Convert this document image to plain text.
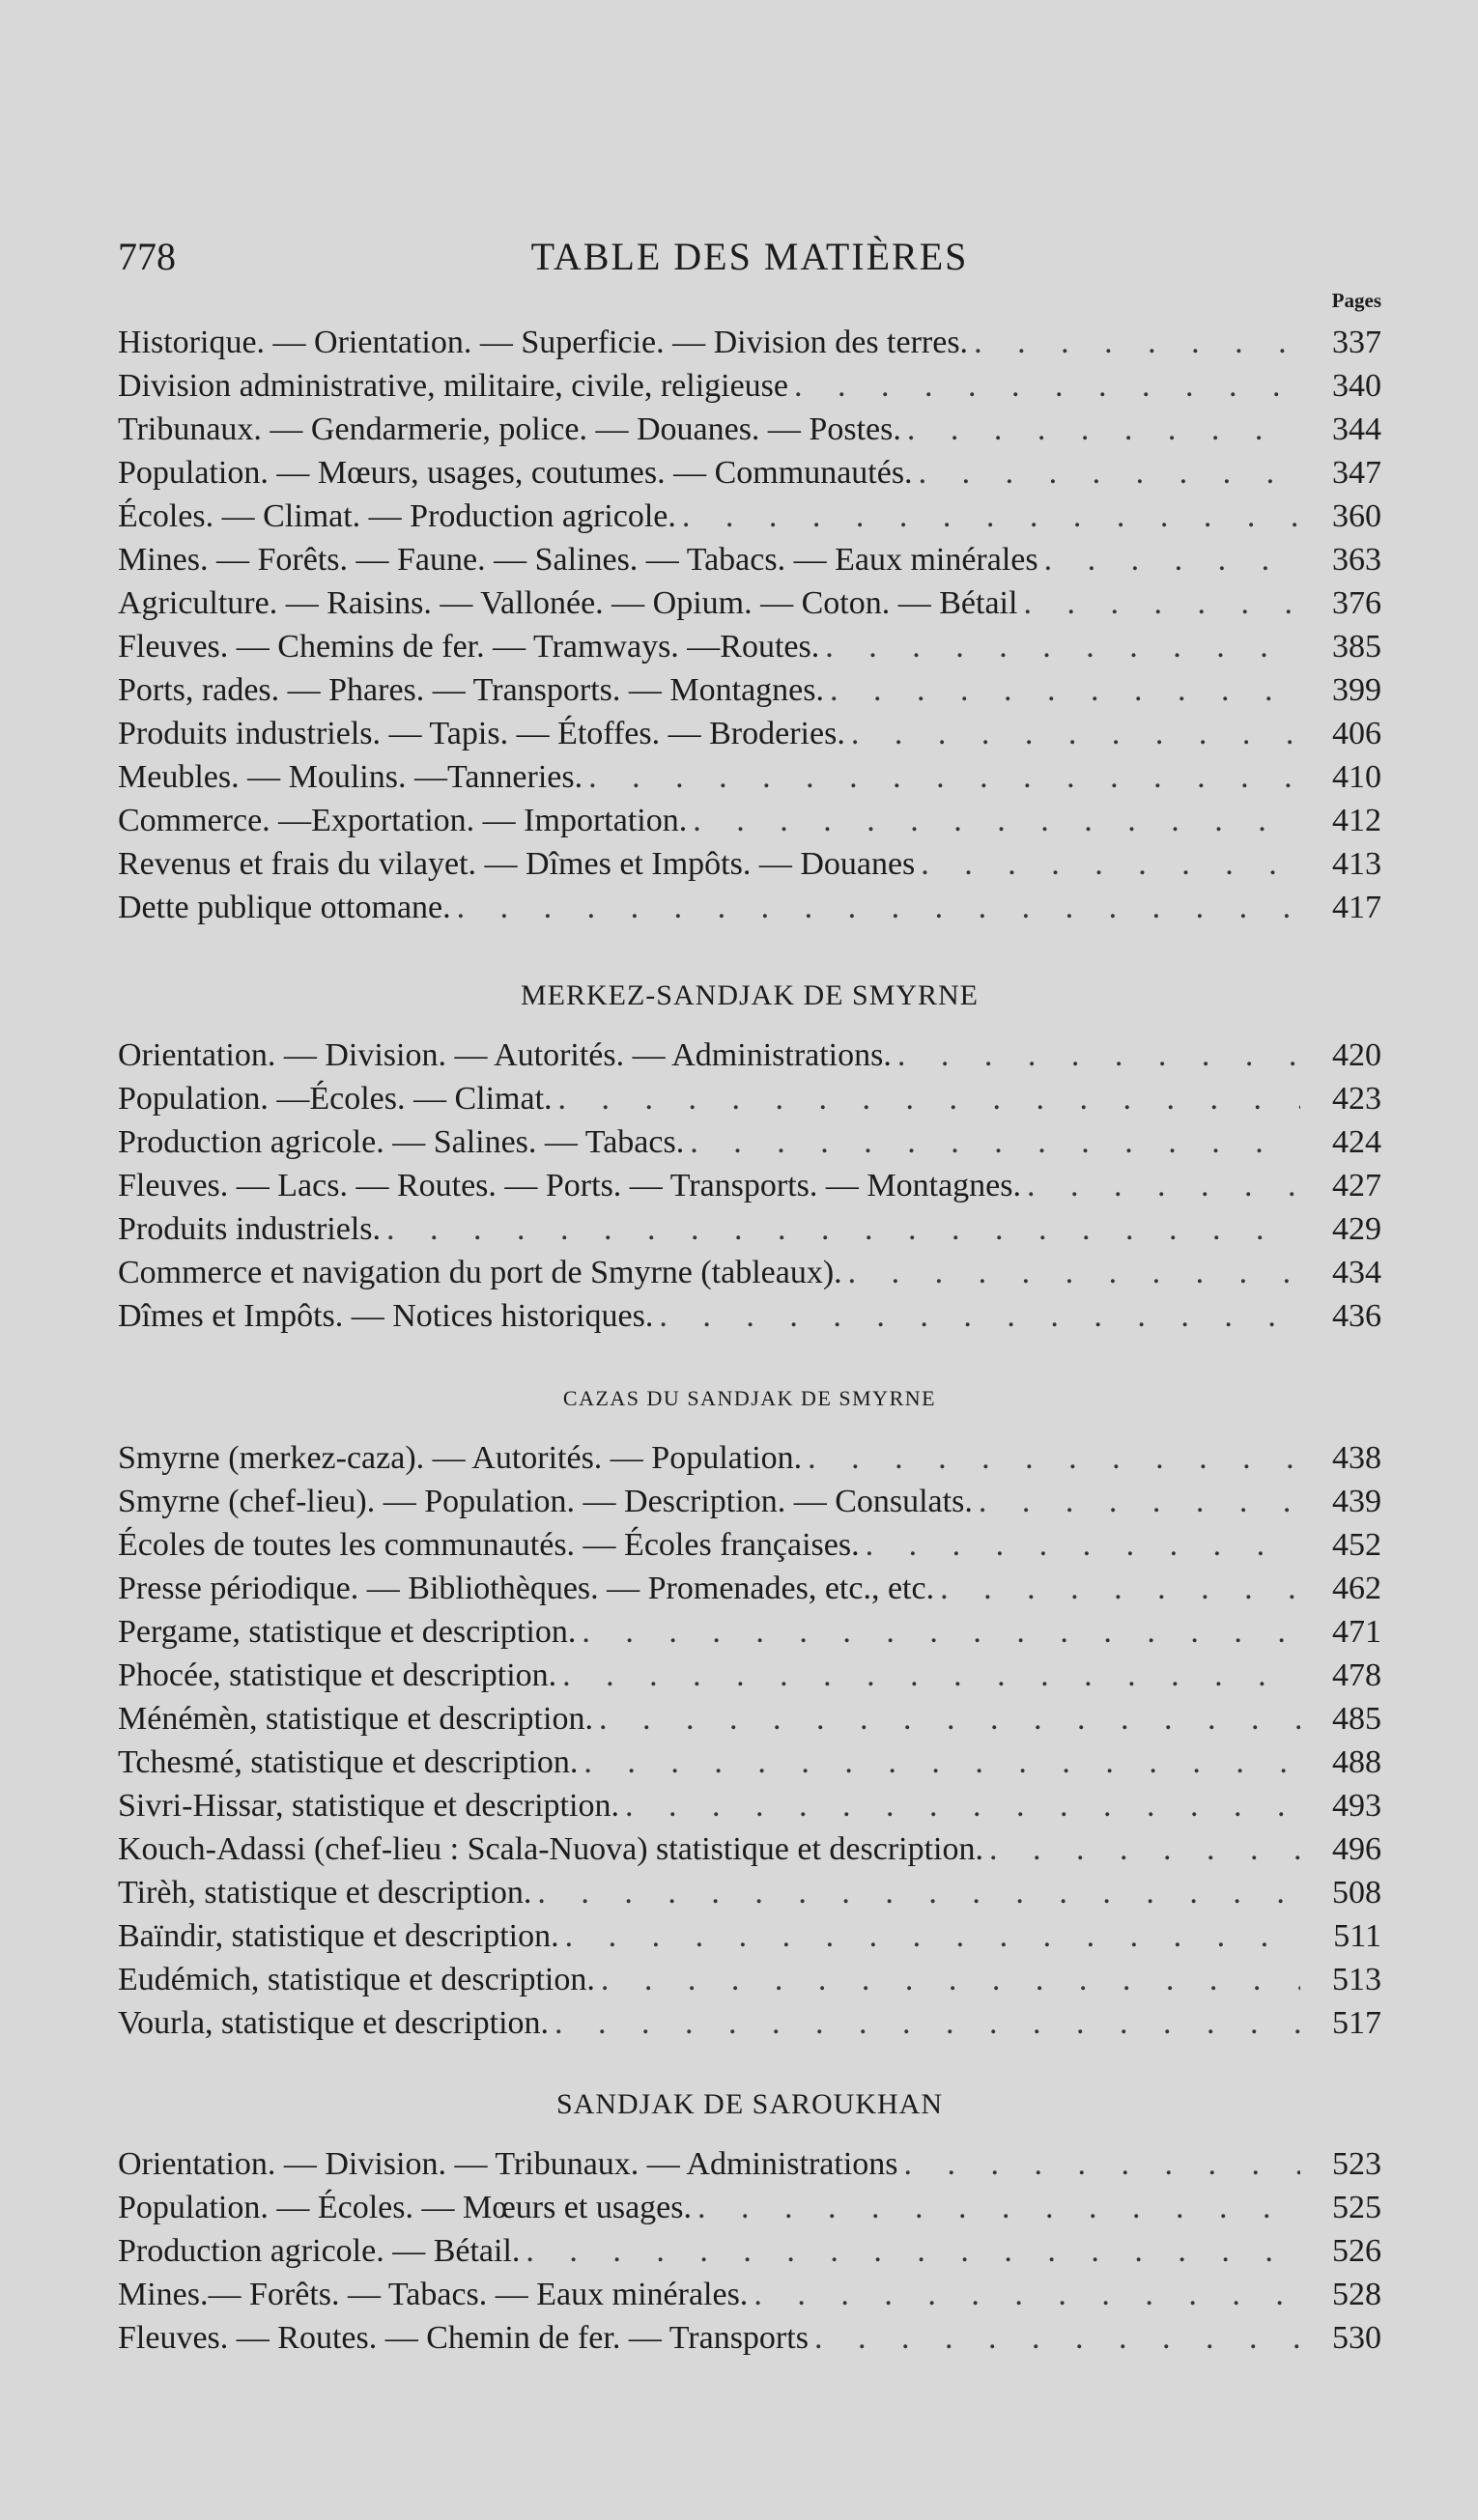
778	TABLE DES MATIÈRES
Pages
Historique. — Orientation. — Superficie. — Division des terres. . . .	337
Division administrative, militaire, civile, religieuse . . .	340
Tribunaux. — Gendarmerie, police. — Douanes. — Postes. . . .	344
Population. — Mœurs, usages, coutumes. — Communautés. . . .	347
Écoles. — Climat. — Production agricole. . . .	360
Mines. — Forêts. — Faune. — Salines. — Tabacs. — Eaux minérales . . .	363
Agriculture. — Raisins. — Vallonée. — Opium. — Coton. — Bétail . . .	376
Fleuves. — Chemins de fer. — Tramways. —Routes. . . .	385
Ports, rades. — Phares. — Transports. — Montagnes. . . .	399
Produits industriels. — Tapis. — Étoffes. — Broderies. . . .	406
Meubles. — Moulins. —Tanneries. . . .	410
Commerce. —Exportation. — Importation. . . .	412
Revenus et frais du vilayet. — Dîmes et Impôts. — Douanes . . .	413
Dette publique ottomane. . . .	417
MERKEZ-SANDJAK DE SMYRNE
Orientation. — Division. — Autorités. — Administrations. . . .	420
Population. —Écoles. — Climat. . . .	423
Production agricole. — Salines. — Tabacs. . . .	424
Fleuves. — Lacs. — Routes. — Ports. — Transports. — Montagnes. . . .	427
Produits industriels. . . .	429
Commerce et navigation du port de Smyrne (tableaux). . . .	434
Dîmes et Impôts. — Notices historiques. . . .	436
CAZAS DU SANDJAK DE SMYRNE
Smyrne (merkez-caza). — Autorités. — Population. . . .	438
Smyrne (chef-lieu). — Population. — Description. — Consulats. . . .	439
Écoles de toutes les communautés. — Écoles françaises. . . .	452
Presse périodique. — Bibliothèques. — Promenades, etc., etc. . . .	462
Pergame, statistique et description. . . .	471
Phocée, statistique et description. . . .	478
Ménémèn, statistique et description. . . .	485
Tchesmé, statistique et description. . . .	488
Sivri-Hissar, statistique et description. . . .	493
Kouch-Adassi (chef-lieu : Scala-Nuova) statistique et description. . . .	496
Tirèh, statistique et description. . . .	508
Baïndir, statistique et description. . . .	511
Eudémich, statistique et description. . . .	513
Vourla, statistique et description. . . .	517
SANDJAK DE SAROUKHAN
Orientation. — Division. — Tribunaux. — Administrations . . .	523
Population. — Écoles. — Mœurs et usages. . . .	525
Production agricole. — Bétail. . . .	526
Mines.— Forêts. — Tabacs. — Eaux minérales. . . .	528
Fleuves. — Routes. — Chemin de fer. — Transports . . .	530
